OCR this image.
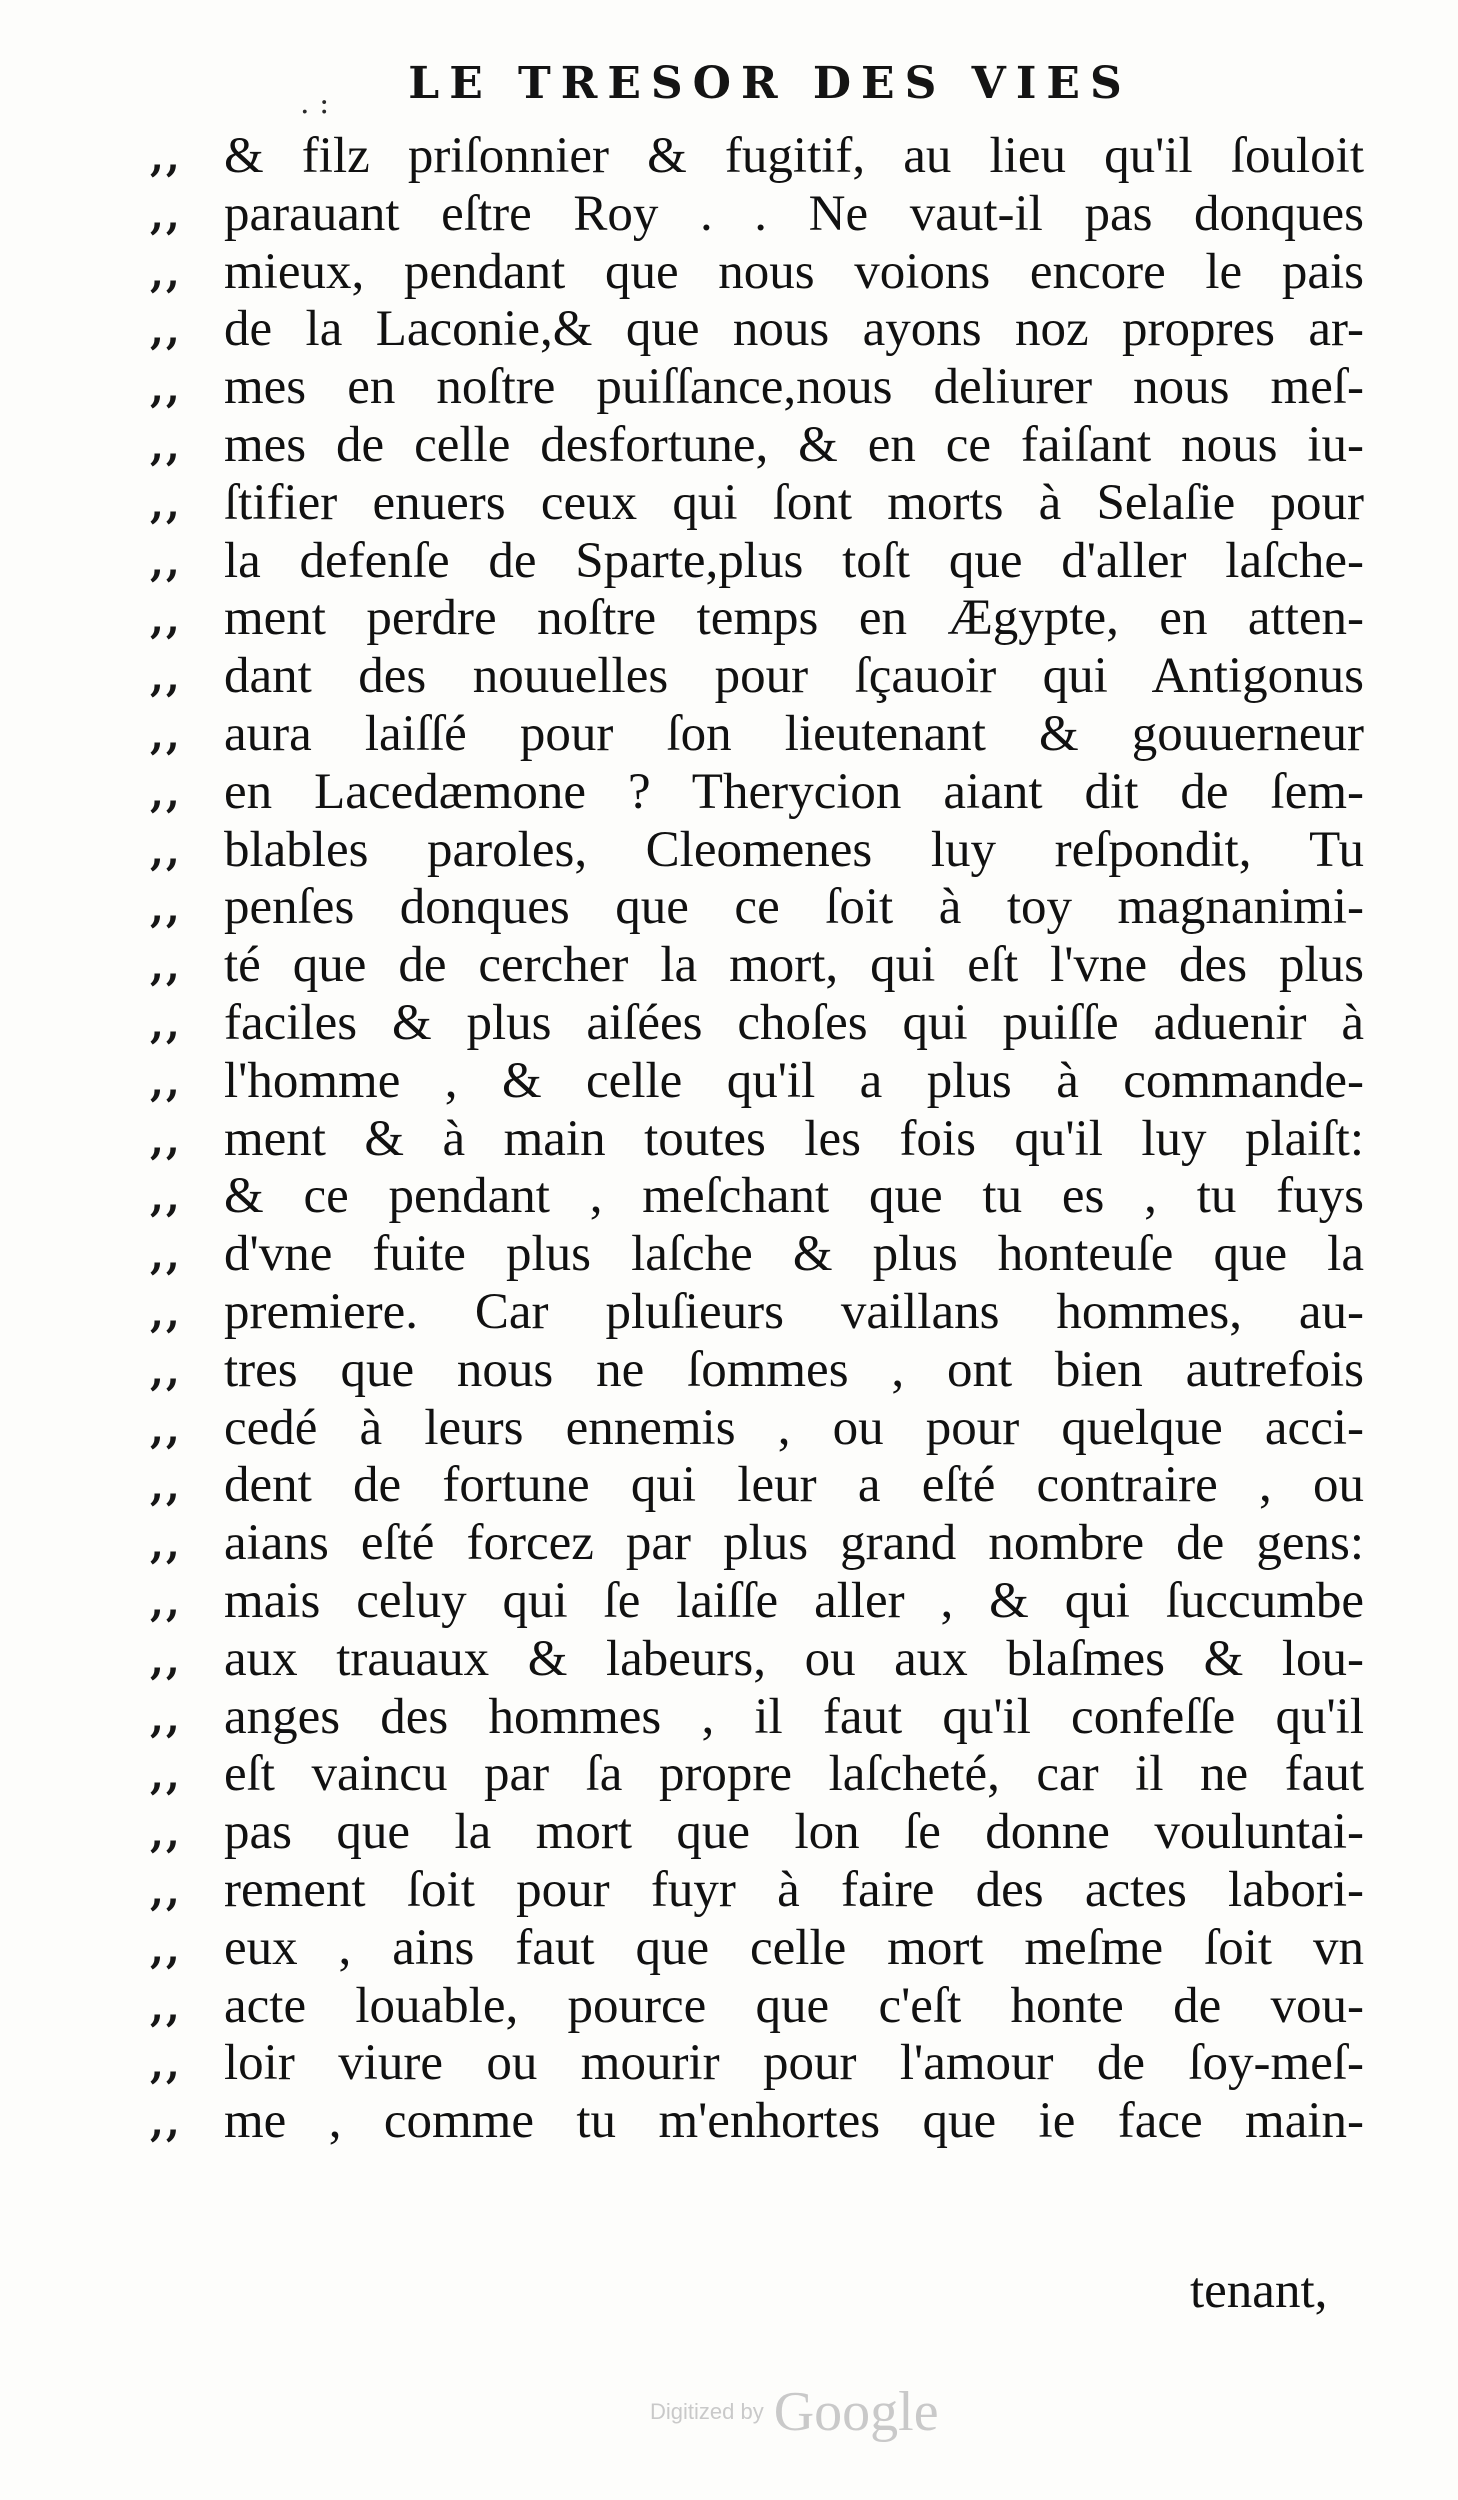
. :	LE TRESOR DES VIES
,, & filz priſonnier & fugitif, au lieu qu'il ſouloit
,, parauant eſtre Roy . . Ne vaut-il pas donques
,, mieux, pendant que nous voions encore le pais
,, de la Laconie,& que nous ayons noz propres ar-
,, mes en noſtre puiſſance,nous deliurer nous meſ-
,, mes de celle desfortune, & en ce faiſant nous iu-
,, ſtifier enuers ceux qui ſont morts à Selaſie pour
,, la defenſe de Sparte,plus toſt que d'aller laſche-
,, ment perdre noſtre temps en Ægypte, en atten-
,, dant des nouuelles pour ſçauoir qui Antigonus
,, aura laiſſé pour ſon lieutenant & gouuerneur
,, en Lacedæmone ? Therycion aiant dit de ſem-
,, blables paroles, Cleomenes luy reſpondit, Tu
,, penſes donques que ce ſoit à toy magnanimi-
,, té que de cercher la mort, qui eſt l'vne des plus
,, faciles & plus aiſées choſes qui puiſſe aduenir à
,, l'homme , & celle qu'il a plus à commande-
,, ment & à main toutes les fois qu'il luy plaiſt:
,, & ce pendant , meſchant que tu es , tu fuys
,, d'vne fuite plus laſche & plus honteuſe que la
,, premiere. Car pluſieurs vaillans hommes, au-
,, tres que nous ne ſommes , ont bien autrefois
,, cedé à leurs ennemis , ou pour quelque acci-
,, dent de fortune qui leur a eſté contraire , ou
,, aians eſté forcez par plus grand nombre de gens:
,, mais celuy qui ſe laiſſe aller , & qui ſuccumbe
,, aux trauaux & labeurs, ou aux blaſmes & lou-
,, anges des hommes , il faut qu'il confeſſe qu'il
,, eſt vaincu par ſa propre laſcheté, car il ne faut
,, pas que la mort que lon ſe donne vouluntai-
,, rement ſoit pour fuyr à faire des actes labori-
,, eux , ains faut que celle mort meſme ſoit vn
,, acte louable, pource que c'eſt honte de vou-
,, loir viure ou mourir pour l'amour de ſoy-meſ-
,, me , comme tu m'enhortes que ie face main-
tenant,
Digitized by Google
